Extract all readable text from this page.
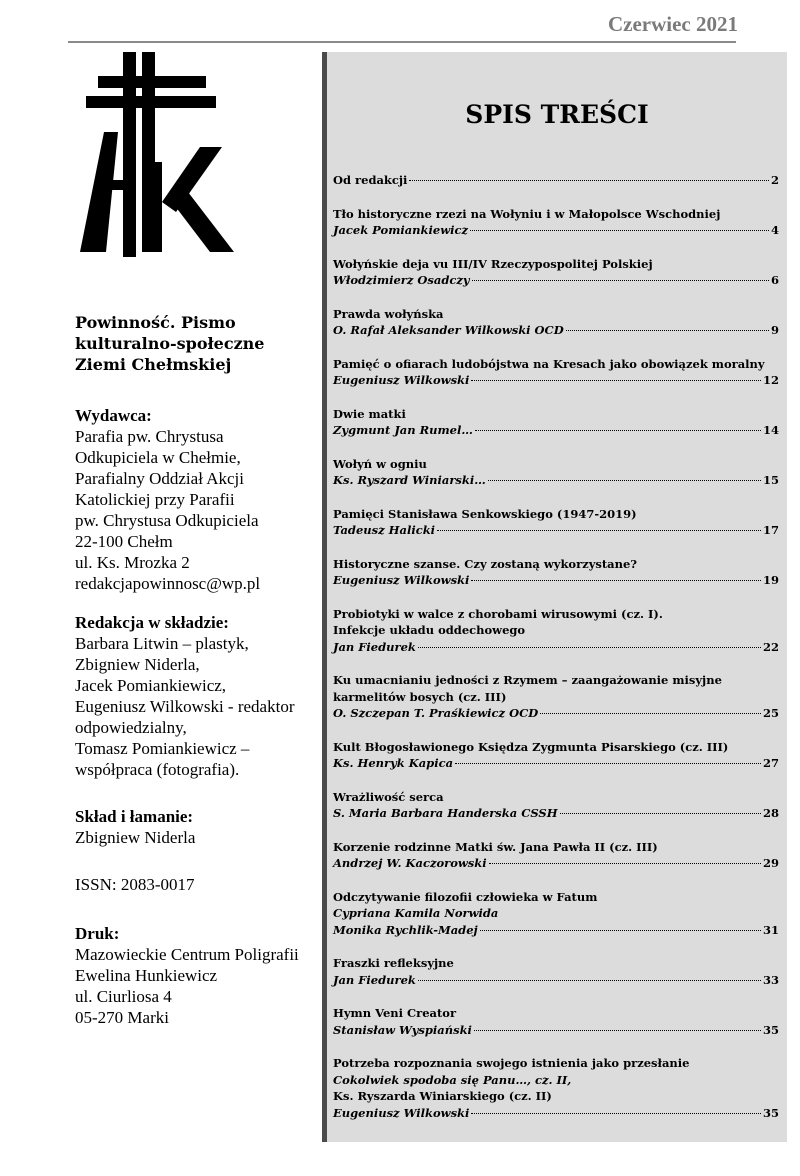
Czerwiec 2021
Powinność. Pismo
kulturalno-społeczne
Ziemi Chełmskiej
Wydawca:
Parafia pw. Chrystusa
Odkupiciela w Chełmie,
Parafialny Oddział Akcji
Katolickiej przy Parafii
pw. Chrystusa Odkupiciela
22-100 Chełm
ul. Ks. Mrozka 2
redakcjapowinnosc@wp.pl
Redakcja w składzie:
Barbara Litwin – plastyk,
Zbigniew Niderla,
Jacek Pomiankiewicz,
Eugeniusz Wilkowski - redaktor
odpowiedzialny,
Tomasz Pomiankiewicz –
współpraca (fotografia).
Skład i łamanie:
Zbigniew Niderla
ISSN: 2083-0017
Druk:
Mazowieckie Centrum Poligrafii
Ewelina Hunkiewicz
ul. Ciurliosa 4
05-270 Marki
SPIS TREŚCI
Od redakcji	2
Tło historyczne rzezi na Wołyniu i w Małopolsce Wschodniej
Jacek Pomiankiewicz	4
Wołyńskie deja vu III/IV Rzeczypospolitej Polskiej
Włodzimierz Osadczy	6
Prawda wołyńska
O. Rafał Aleksander Wilkowski OCD	9
Pamięć o ofiarach ludobójstwa na Kresach jako obowiązek moralny
Eugeniusz Wilkowski	12
Dwie matki
Zygmunt Jan Rumel…	14
Wołyń w ogniu
Ks. Ryszard Winiarski…	15
Pamięci Stanisława Senkowskiego (1947-2019)
Tadeusz Halicki	17
Historyczne szanse. Czy zostaną wykorzystane?
Eugeniusz Wilkowski	19
Probiotyki w walce z chorobami wirusowymi (cz. I).
Infekcje układu oddechowego
Jan Fiedurek	22
Ku umacnianiu jedności z Rzymem – zaangażowanie misyjne
karmelitów bosych (cz. III)
O. Szczepan T. Praśkiewicz OCD	25
Kult Błogosławionego Księdza Zygmunta Pisarskiego (cz. III)
Ks. Henryk Kapica	27
Wrażliwość serca
S. Maria Barbara Handerska CSSH	28
Korzenie rodzinne Matki św. Jana Pawła II (cz. III)
Andrzej W. Kaczorowski	29
Odczytywanie filozofii człowieka w Fatum
Cypriana Kamila Norwida
Monika Rychlik-Madej	31
Fraszki refleksyjne
Jan Fiedurek	33
Hymn Veni Creator
Stanisław Wyspiański	35
Potrzeba rozpoznania swojego istnienia jako przesłanie
Cokolwiek spodoba się Panu…, cz. II,
Ks. Ryszarda Winiarskiego (cz. II)
Eugeniusz Wilkowski	35
